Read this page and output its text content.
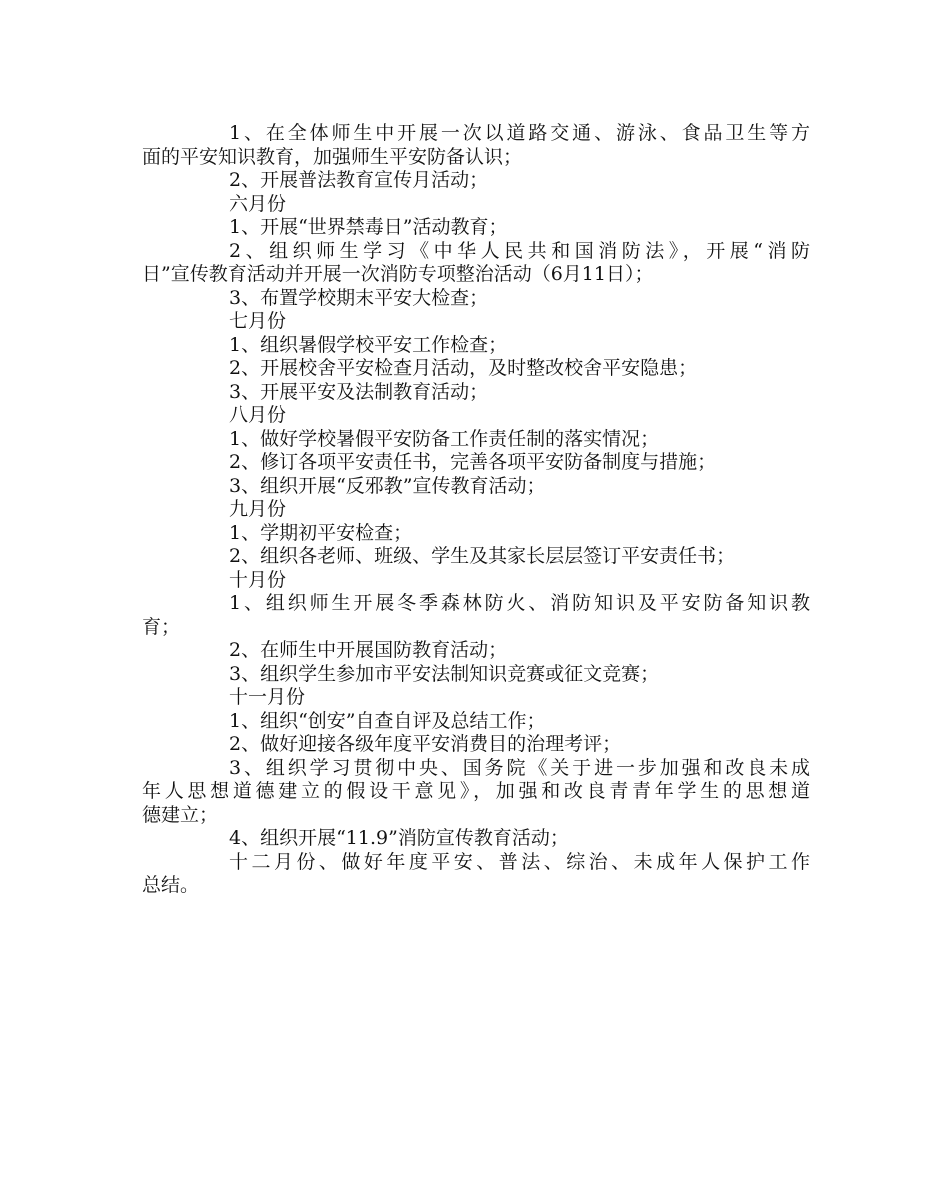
1、在全体师生中开展一次以道路交通、游泳、食品卫生等方
面的平安知识教育，加强师生平安防备认识；
2、开展普法教育宣传月活动；
六月份
1、开展“世界禁毒日”活动教育；
2、组织师生学习《中华人民共和国消防法》，开展“消防
日”宣传教育活动并开展一次消防专项整治活动（6月11日）；
3、布置学校期末平安大检查；
七月份
1、组织暑假学校平安工作检查；
2、开展校舍平安检查月活动，及时整改校舍平安隐患；
3、开展平安及法制教育活动；
八月份
1、做好学校暑假平安防备工作责任制的落实情况；
2、修订各项平安责任书，完善各项平安防备制度与措施；
3、组织开展“反邪教”宣传教育活动；
九月份
1、学期初平安检查；
2、组织各老师、班级、学生及其家长层层签订平安责任书；
十月份
1、组织师生开展冬季森林防火、消防知识及平安防备知识教
育；
2、在师生中开展国防教育活动；
3、组织学生参加市平安法制知识竞赛或征文竞赛；
十一月份
1、组织“创安”自查自评及总结工作；
2、做好迎接各级年度平安消费目的治理考评；
3、组织学习贯彻中央、国务院《关于进一步加强和改良未成
年人思想道德建立的假设干意见》，加强和改良青青年学生的思想道
德建立；
4、组织开展“11.9”消防宣传教育活动；
十二月份、做好年度平安、普法、综治、未成年人保护工作
总结。
